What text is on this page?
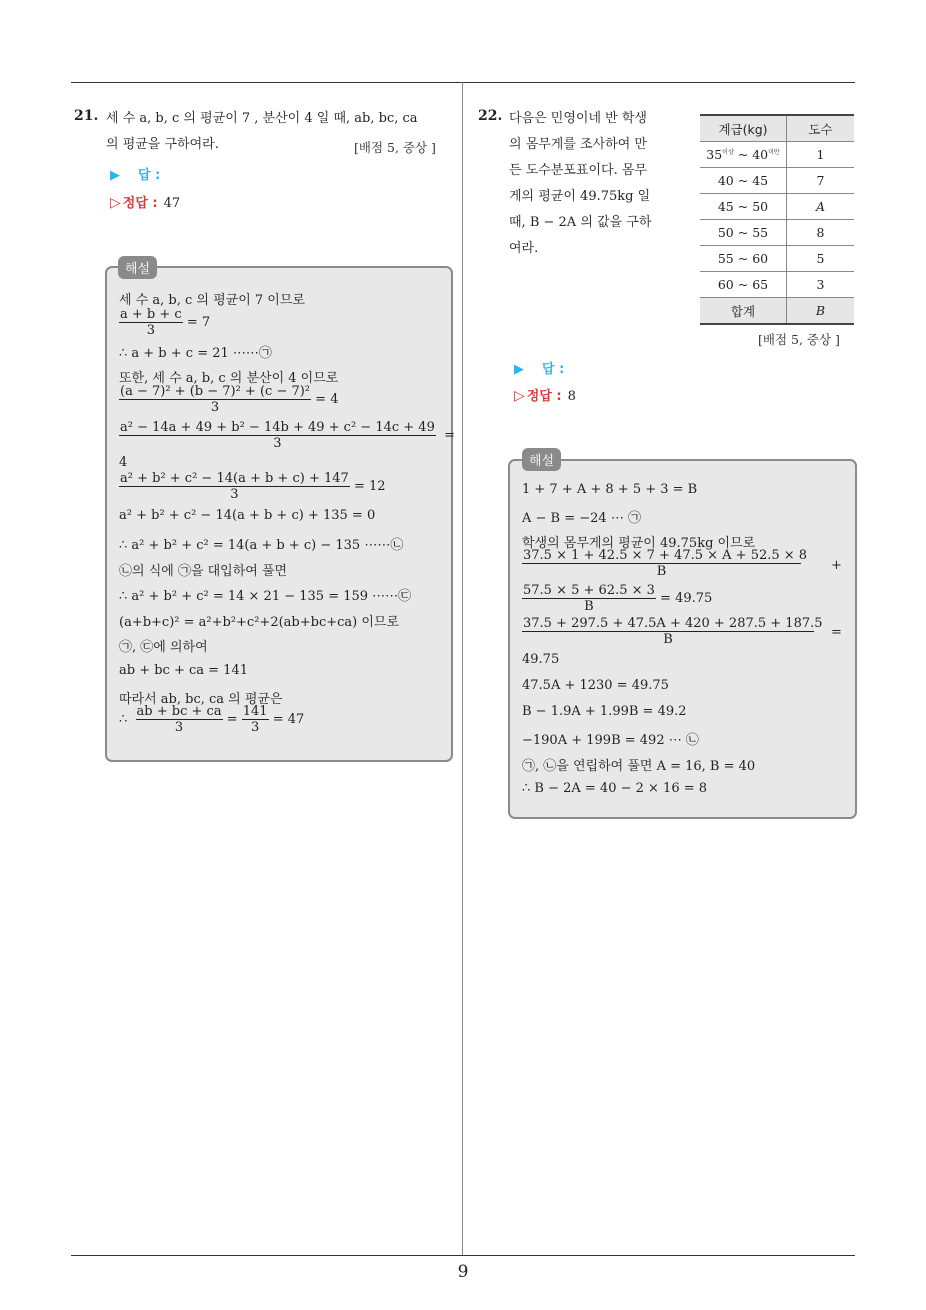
9
21. 세 수 a, b, c 의 평균이 7 , 분산이 4 일 때, ab, bc, ca
의 평균을 구하여라.	[배점 5, 중상 ]
▶ 답 :
▷ 정답 : 47
해설
세 수 a, b, c 의 평균이 7 이므로
$\frac{a + b + c}{3} = 7$
∴ a + b + c = 21 ⋯⋯㉠
또한, 세 수 a, b, c 의 분산이 4 이므로
$\frac{\text{(a − 7)² + (b − 7)² + (c − 7)²}}{3} = 4$
$\frac{\text{a² − 14a + 49 + b² − 14b + 49 + c² − 14c + 49}}{3}$ =
4
$\frac{\text{a² + b² + c² − 14(a + b + c) + 147}}{3} = 12$
a² + b² + c² − 14(a + b + c) + 135 = 0
∴ a² + b² + c² = 14(a + b + c) − 135 ⋯⋯㉡
㉡의 식에 ㉠을 대입하여 풀면
∴ a² + b² + c² = 14 × 21 − 135 = 159 ⋯⋯㉢
(a+b+c)² = a²+b²+c²+2(ab+bc+ca) 이므로
㉠, ㉢에 의하여
ab + bc + ca = 141
따라서 ab, bc, ca 의 평균은
∴ $\frac{ab + bc + ca}{3} = \frac{141}{3} = 47$
22. 다음은 민영이네 반 학생
의 몸무게를 조사하여 만
든 도수분포표이다. 몸무
게의 평균이 49.75kg 일
때, B − 2A 의 값을 구하
여라.
계급(kg)	도수
$35^{이상}$ ~ $40^{미만}$	1
40 ~ 45	7
45 ~ 50	A
50 ~ 55	8
55 ~ 60	5
60 ~ 65	3
합계	B
[배점 5, 중상 ]
▶ 답 :
▷ 정답 : 8
해설
1 + 7 + A + 8 + 5 + 3 = B
A − B = −24 ⋯ ㉠
학생의 몸무게의 평균이 49.75kg 이므로
$\frac{37.5 \times 1 + 42.5 \times 7 + 47.5 \times A + 52.5 \times 8}{B}$ +
$\frac{57.5 \times 5 + 62.5 \times 3}{B} = 49.75$
$\frac{37.5 + 297.5 + 47.5A + 420 + 287.5 + 187.5}{B}$ =
49.75
47.5A + 1230 = 49.75
B − 1.9A + 1.99B = 49.2
−190A + 199B = 492 ⋯ ㉡
㉠, ㉡을 연립하여 풀면 A = 16, B = 40
∴ B − 2A = 40 − 2 × 16 = 8
